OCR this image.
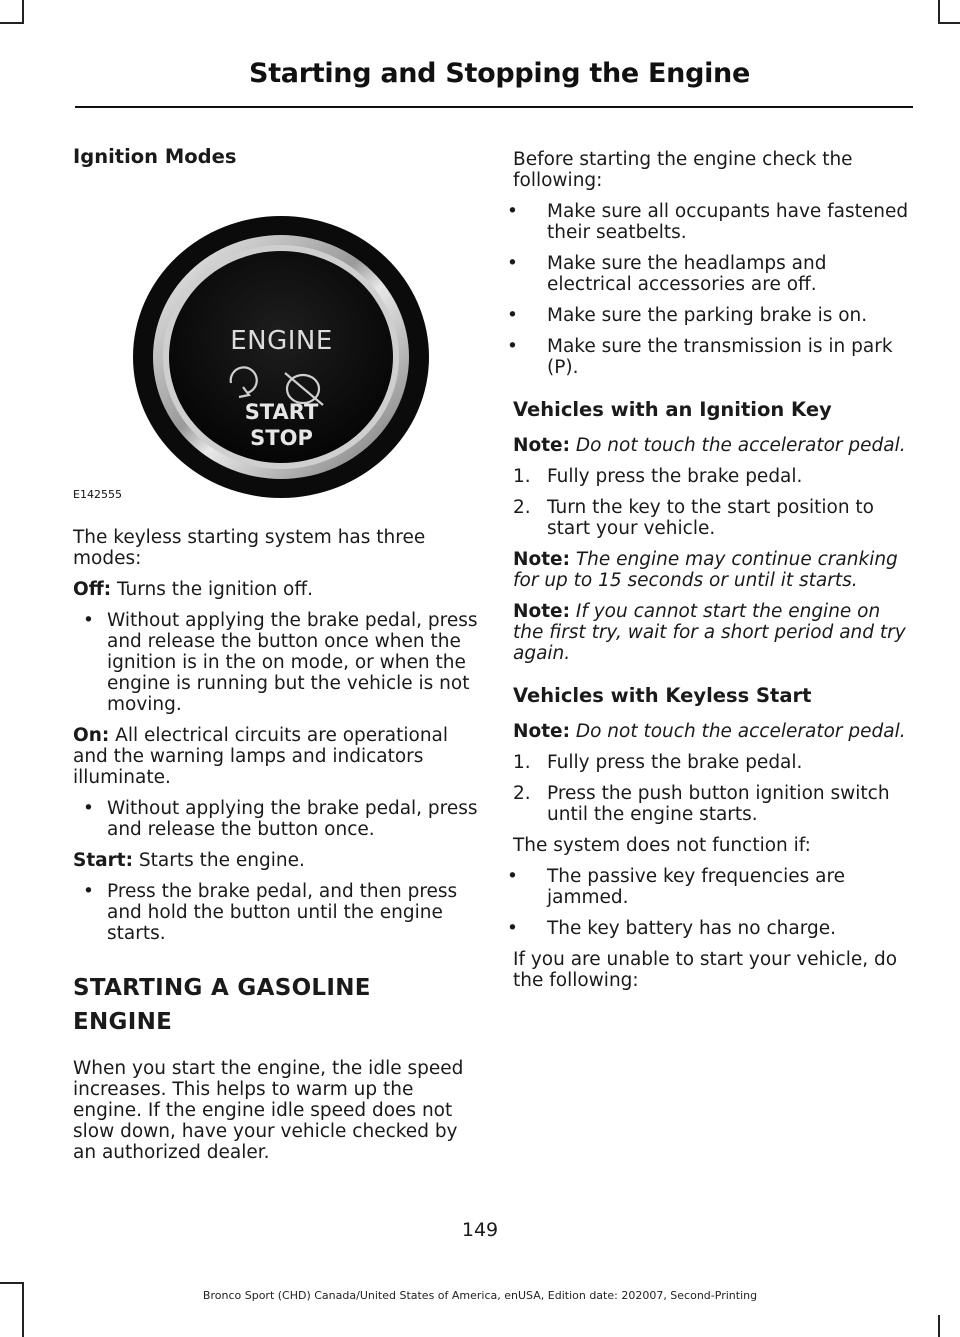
Starting and Stopping the Engine
Ignition Modes
ENGINE
START
STOP
E142555

The keyless starting system has three modes:

Off: Turns the ignition off.

• Without applying the brake pedal, press and release the button once when the ignition is in the on mode, or when the engine is running but the vehicle is not moving.

On: All electrical circuits are operational and the warning lamps and indicators illuminate.

• Without applying the brake pedal, press and release the button once.

Start: Starts the engine.

• Press the brake pedal, and then press and hold the button until the engine starts.
STARTING A GASOLINE
ENGINE

When you start the engine, the idle speed increases. This helps to warm up the engine. If the engine idle speed does not slow down, have your vehicle checked by an authorized dealer.

Before starting the engine check the following:

• Make sure all occupants have fastened their seatbelts.
• Make sure the headlamps and electrical accessories are off.
• Make sure the parking brake is on.
• Make sure the transmission is in park (P).
Vehicles with an Ignition Key

Note: Do not touch the accelerator pedal.

1. Fully press the brake pedal.
2. Turn the key to the start position to start your vehicle.

Note: The engine may continue cranking for up to 15 seconds or until it starts.

Note: If you cannot start the engine on the first try, wait for a short period and try again.

Vehicles with Keyless Start

Note: Do not touch the accelerator pedal.

1. Fully press the brake pedal.
2. Press the push button ignition switch until the engine starts.

The system does not function if:

• The passive key frequencies are jammed.
• The key battery has no charge.

If you are unable to start your vehicle, do the following:

149
Bronco Sport (CHD) Canada/United States of America, enUSA, Edition date: 202007, Second-Printing
